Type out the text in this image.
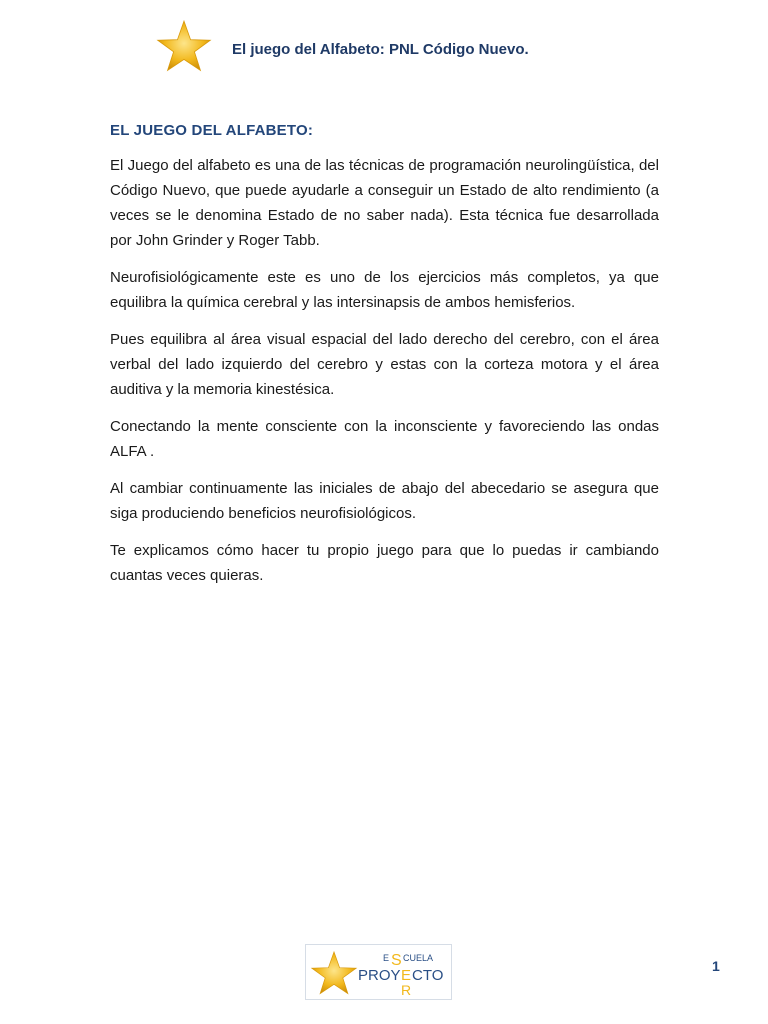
El juego del Alfabeto: PNL Código Nuevo.
EL JUEGO DEL ALFABETO:

El Juego del alfabeto es una de las técnicas de programación neurolingüística, del Código Nuevo, que puede ayudarle a conseguir un Estado de alto rendimiento (a veces se le denomina Estado de no saber nada). Esta técnica fue desarrollada por John Grinder y Roger Tabb.

Neurofisiológicamente este es uno de los ejercicios más completos, ya que equilibra la química cerebral y las intersinapsis de ambos hemisferios.

Pues equilibra al área visual espacial del lado derecho del cerebro, con el área verbal del lado izquierdo del cerebro y estas con la corteza motora y el área auditiva y la memoria kinestésica.

Conectando la mente consciente con la inconsciente y favoreciendo las ondas ALFA .

Al cambiar continuamente las iniciales de abajo del abecedario se asegura que siga produciendo beneficios neurofisiológicos.

Te explicamos cómo hacer tu propio juego para que lo puedas ir cambiando cuantas veces quieras.

E S CUELA
PROY E CTO
R
1
